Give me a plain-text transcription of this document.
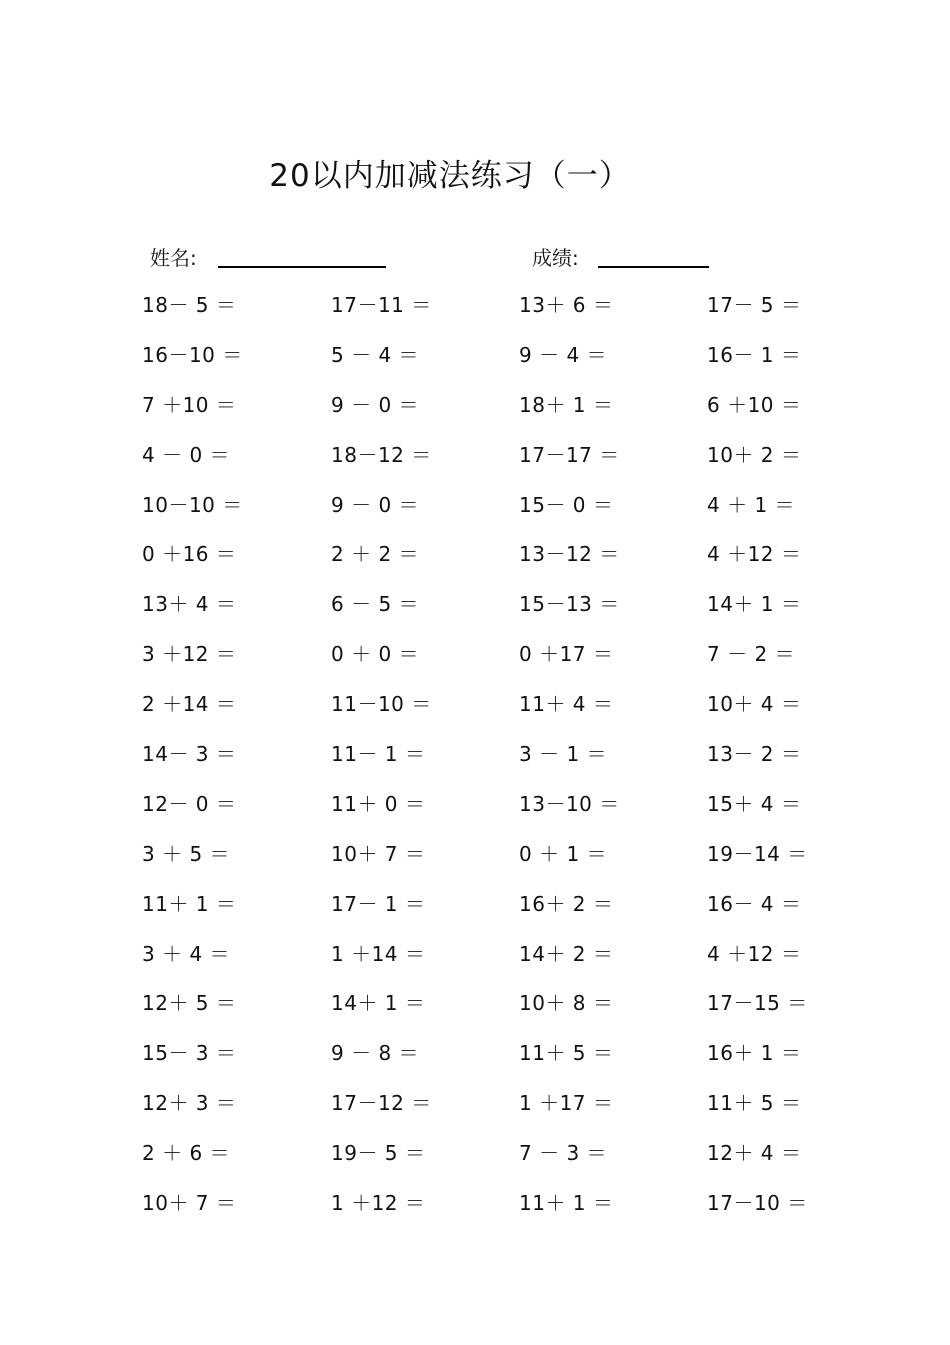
20以内加减法练习（一）
姓名:	成绩:
18－ 5 ＝	17－11 ＝	13＋ 6 ＝	17－ 5 ＝
16－10 ＝	5 － 4 ＝	9 － 4 ＝	16－ 1 ＝
7 ＋10 ＝	9 － 0 ＝	18＋ 1 ＝	6 ＋10 ＝
4 － 0 ＝	18－12 ＝	17－17 ＝	10＋ 2 ＝
10－10 ＝	9 － 0 ＝	15－ 0 ＝	4 ＋ 1 ＝
0 ＋16 ＝	2 ＋ 2 ＝	13－12 ＝	4 ＋12 ＝
13＋ 4 ＝	6 － 5 ＝	15－13 ＝	14＋ 1 ＝
3 ＋12 ＝	0 ＋ 0 ＝	0 ＋17 ＝	7 － 2 ＝
2 ＋14 ＝	11－10 ＝	11＋ 4 ＝	10＋ 4 ＝
14－ 3 ＝	11－ 1 ＝	3 － 1 ＝	13－ 2 ＝
12－ 0 ＝	11＋ 0 ＝	13－10 ＝	15＋ 4 ＝
3 ＋ 5 ＝	10＋ 7 ＝	0 ＋ 1 ＝	19－14 ＝
11＋ 1 ＝	17－ 1 ＝	16＋ 2 ＝	16－ 4 ＝
3 ＋ 4 ＝	1 ＋14 ＝	14＋ 2 ＝	4 ＋12 ＝
12＋ 5 ＝	14＋ 1 ＝	10＋ 8 ＝	17－15 ＝
15－ 3 ＝	9 － 8 ＝	11＋ 5 ＝	16＋ 1 ＝
12＋ 3 ＝	17－12 ＝	1 ＋17 ＝	11＋ 5 ＝
2 ＋ 6 ＝	19－ 5 ＝	7 － 3 ＝	12＋ 4 ＝
10＋ 7 ＝	1 ＋12 ＝	11＋ 1 ＝	17－10 ＝
